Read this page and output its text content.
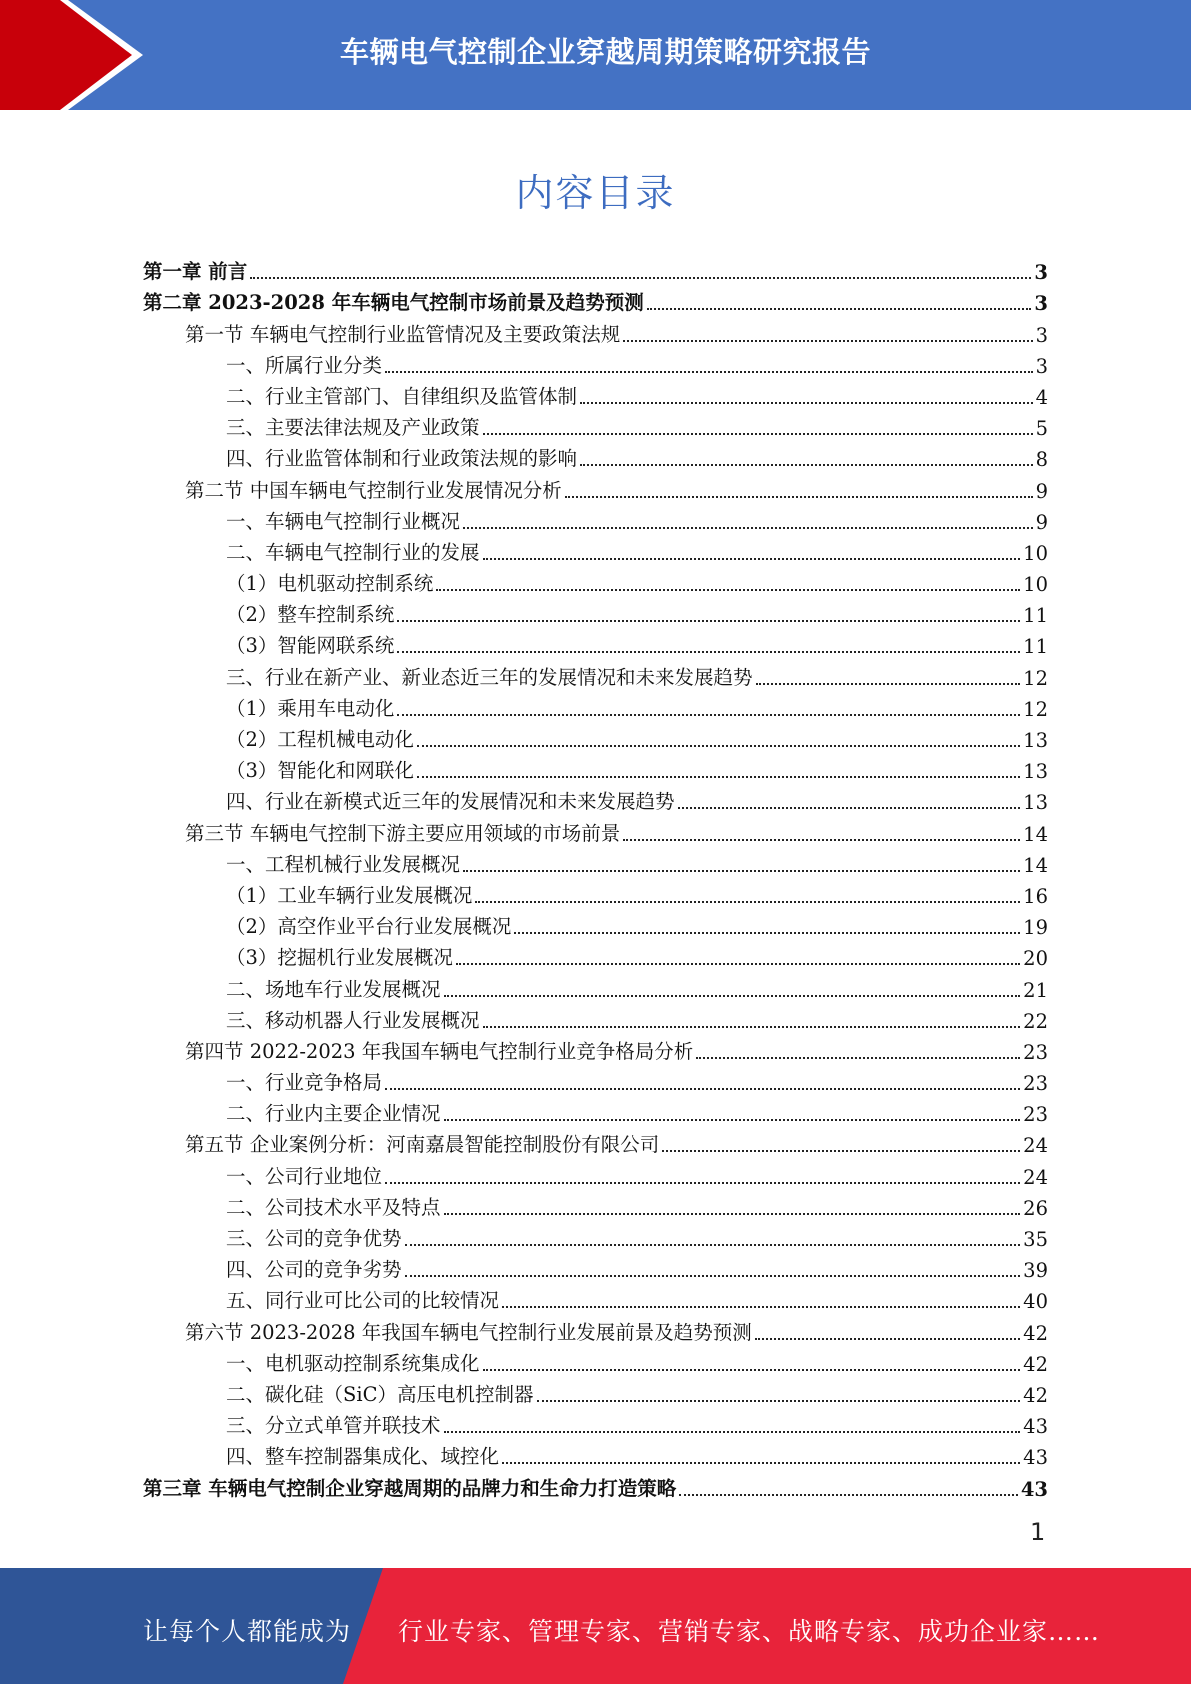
车辆电气控制企业穿越周期策略研究报告
内容目录
第一章 前言	3
第二章 2023-2028 年车辆电气控制市场前景及趋势预测	3
第一节 车辆电气控制行业监管情况及主要政策法规	3
一、所属行业分类	3
二、行业主管部门、自律组织及监管体制	4
三、主要法律法规及产业政策	5
四、行业监管体制和行业政策法规的影响	8
第二节 中国车辆电气控制行业发展情况分析	9
一、车辆电气控制行业概况	9
二、车辆电气控制行业的发展	10
（1）电机驱动控制系统	10
（2）整车控制系统	11
（3）智能网联系统	11
三、行业在新产业、新业态近三年的发展情况和未来发展趋势	12
（1）乘用车电动化	12
（2）工程机械电动化	13
（3）智能化和网联化	13
四、行业在新模式近三年的发展情况和未来发展趋势	13
第三节 车辆电气控制下游主要应用领域的市场前景	14
一、工程机械行业发展概况	14
（1）工业车辆行业发展概况	16
（2）高空作业平台行业发展概况	19
（3）挖掘机行业发展概况	20
二、场地车行业发展概况	21
三、移动机器人行业发展概况	22
第四节 2022-2023 年我国车辆电气控制行业竞争格局分析	23
一、行业竞争格局	23
二、行业内主要企业情况	23
第五节 企业案例分析：河南嘉晨智能控制股份有限公司	24
一、公司行业地位	24
二、公司技术水平及特点	26
三、公司的竞争优势	35
四、公司的竞争劣势	39
五、同行业可比公司的比较情况	40
第六节 2023-2028 年我国车辆电气控制行业发展前景及趋势预测	42
一、电机驱动控制系统集成化	42
二、碳化硅（SiC）高压电机控制器	42
三、分立式单管并联技术	43
四、整车控制器集成化、域控化	43
第三章 车辆电气控制企业穿越周期的品牌力和生命力打造策略	43
1
让每个人都能成为 行业专家、管理专家、营销专家、战略专家、成功企业家……
